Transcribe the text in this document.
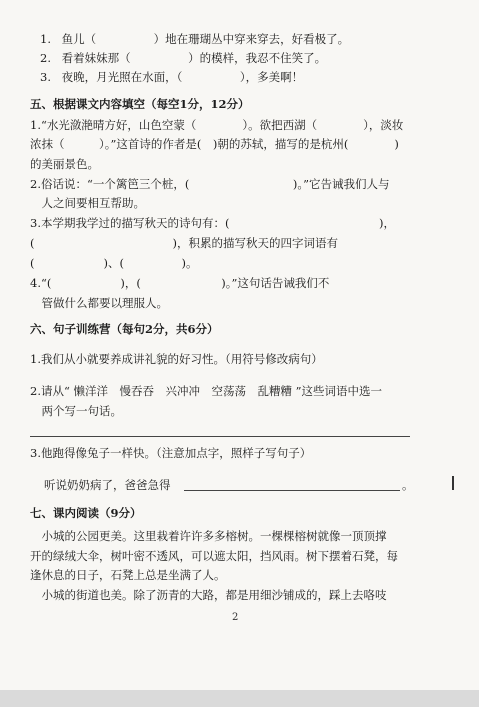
1. 鱼儿（　　　　　）地在珊瑚丛中穿来穿去，好看极了。
2. 看着妹妹那（　　　　　）的模样，我忍不住笑了。
3. 夜晚，月光照在水面，（　　　　　），多美啊！
五、根据课文内容填空（每空1分，12分）
1.“水光潋滟晴方好，山色空蒙（　　　　）。欲把西湖（　　　　），淡妆
浓抹（　　　）。”这首诗的作者是(　)朝的苏轼，描写的是杭州(　　　　)
的美丽景色。
2.俗话说：“一个篱笆三个桩，(　　　　　　　　　)。”它告诫我们人与
　人之间要相互帮助。
3.本学期我学过的描写秋天的诗句有：(　　　　　　　　　　　　　)，
(　　　　　　　　　　　　)，积累的描写秋天的四字词语有
(　　　　　　)、(　　　　　)。
4.“(　　　　　　)，(　　　　　　　)。”这句话告诫我们不
　管做什么都要以理服人。
六、句子训练营（每句2分，共6分）
1.我们从小就要养成讲礼貌的好习性。（用符号修改病句）
2.请从“ 懒洋洋　慢吞吞　兴冲冲　空荡荡　乱糟糟 ”这些词语中选一
　两个写一句话。
3.他跑得像兔子一样快。（注意加点字，照样子写句子）
听说奶奶病了，爸爸急得	。
七、课内阅读（9分）
　小城的公园更美。这里栽着许许多多榕树。一棵棵榕树就像一顶顶撑
开的绿绒大伞，树叶密不透风，可以遮太阳，挡风雨。树下摆着石凳，每
逢休息的日子，石凳上总是坐满了人。
　小城的街道也美。除了沥青的大路，都是用细沙铺成的，踩上去咯吱
2
